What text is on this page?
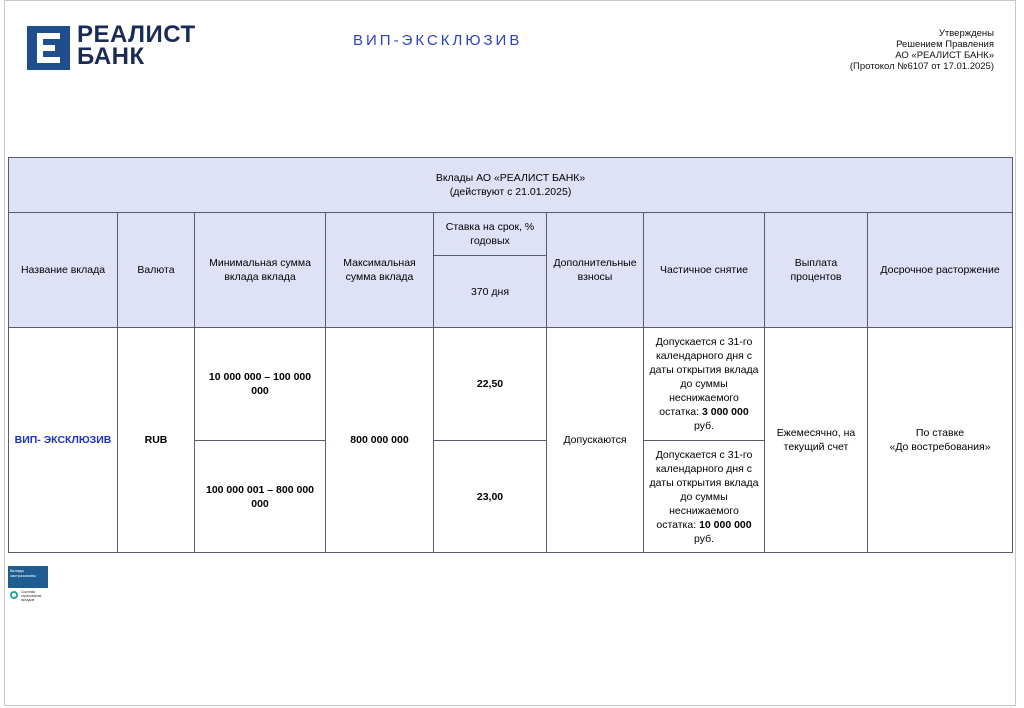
РЕАЛИСТ
БАНК
ВИП-ЭКСКЛЮЗИВ	Утверждены
Решением Правления
АО «РЕАЛИСТ БАНК»
(Протокол №6107 от 17.01.2025)
Вклады АО «РЕАЛИСТ БАНК»
(действуют с 21.01.2025)								

Название вклада	Валюта	Минимальная сумма вклада вклада	Максимальная сумма вклада	Ставка на срок, % годовых	Дополнительные взносы	Частичное снятие	Выплата процентов	Досрочное расторжение
				370 дня				
ВИП- ЭКСКЛЮЗИВ	RUB	10 000 000 – 100 000 000	800 000 000	22,50	Допускаются	Допускается с 31-го календарного дня с даты открытия вклада до суммы неснижаемого остатка: 3 000 000 руб.	Ежемесячно, на текущий счет	По ставке
«До востребования»

		100 000 001 – 800 000 000		23,00		Допускается с 31-го календарного дня с даты открытия вклада до суммы неснижаемого остатка: 10 000 000 руб.		
Вклады застрахованы
Система страхования вкладов
